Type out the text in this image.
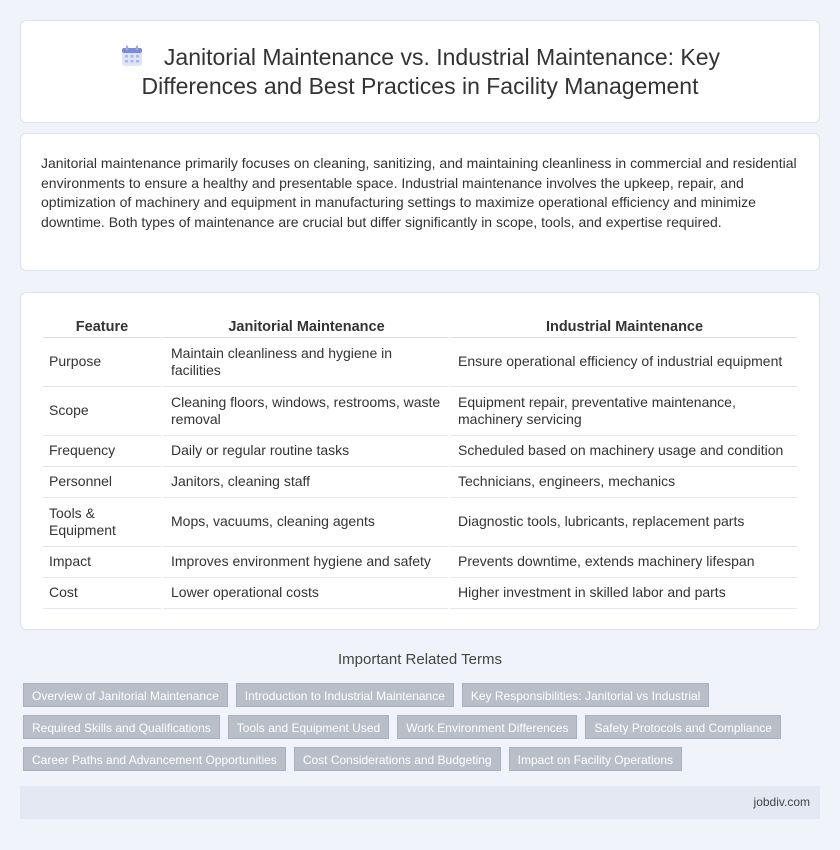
Janitorial Maintenance vs. Industrial Maintenance: Key Differences and Best Practices in Facility Management

Janitorial maintenance primarily focuses on cleaning, sanitizing, and maintaining cleanliness in commercial and residential environments to ensure a healthy and presentable space. Industrial maintenance involves the upkeep, repair, and optimization of machinery and equipment in manufacturing settings to maximize operational efficiency and minimize downtime. Both types of maintenance are crucial but differ significantly in scope, tools, and expertise required.

Feature	Janitorial Maintenance	Industrial Maintenance
Purpose	Maintain cleanliness and hygiene in facilities	Ensure operational efficiency of industrial equipment
Scope	Cleaning floors, windows, restrooms, waste removal	Equipment repair, preventative maintenance, machinery servicing
Frequency	Daily or regular routine tasks	Scheduled based on machinery usage and condition
Personnel	Janitors, cleaning staff	Technicians, engineers, mechanics
Tools & Equipment	Mops, vacuums, cleaning agents	Diagnostic tools, lubricants, replacement parts
Impact	Improves environment hygiene and safety	Prevents downtime, extends machinery lifespan
Cost	Lower operational costs	Higher investment in skilled labor and parts
Important Related Terms
Overview of Janitorial Maintenance	Introduction to Industrial Maintenance	Key Responsibilities: Janitorial vs Industrial
Required Skills and Qualifications	Tools and Equipment Used	Work Environment Differences	Safety Protocols and Compliance
Career Paths and Advancement Opportunities	Cost Considerations and Budgeting	Impact on Facility Operations
jobdiv.com
